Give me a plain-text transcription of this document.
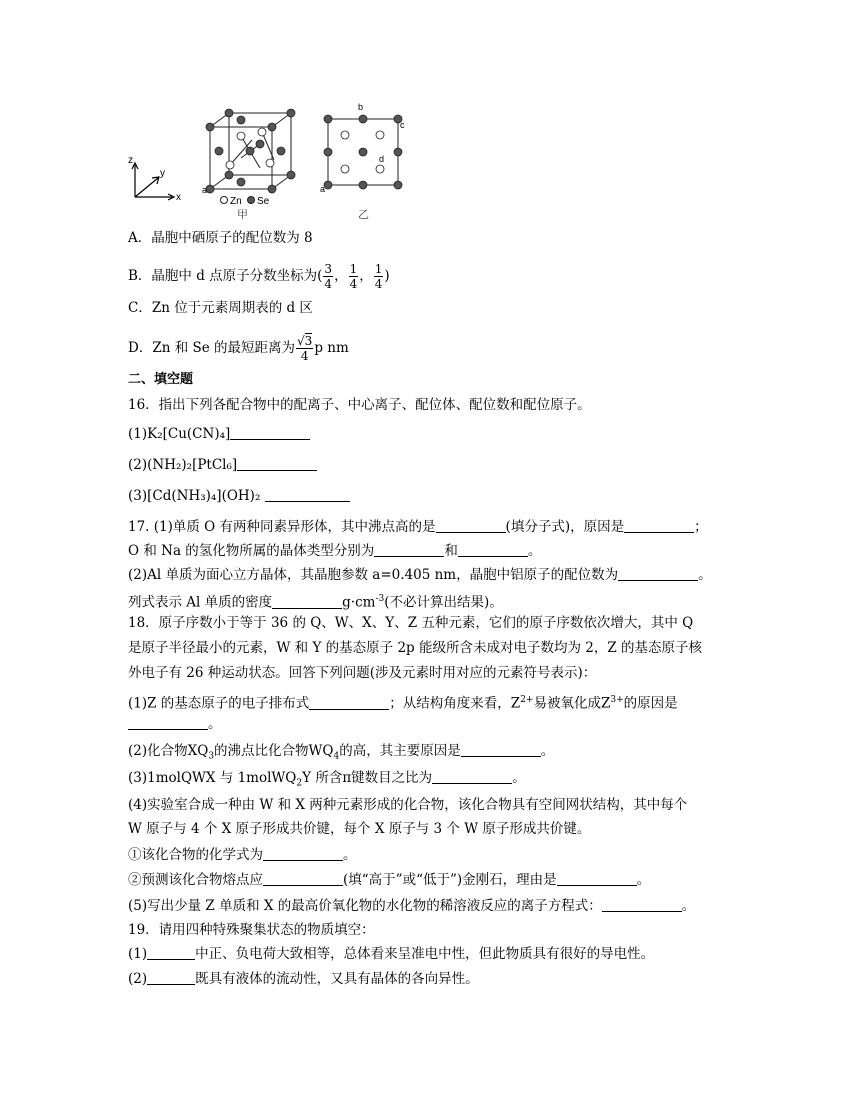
z
y
x
a
Zn Se
甲
b
c
d
a
乙
A．晶胞中硒原子的配位数为 8
B．晶胞中 d 点原子分数坐标为( $\frac{3}{4}$ ， $\frac{1}{4}$ ， $\frac{1}{4}$ )
C．Zn 位于元素周期表的 d 区
D．Zn 和 Se 的最短距离为 $\frac{√3}{4}$ p nm
二、填空题
16．指出下列各配合物中的配离子、中心离子、配位体、配位数和配位原子。
(1)K₂[Cu(CN)₄]
(2)(NH₂)₂[PtCl₆]
(3)[Cd(NH₃)₄](OH)₂
17. (1)单质 O 有两种同素异形体，其中沸点高的是	(填分子式)，原因是	；
O 和 Na 的氢化物所属的晶体类型分别为	和	。
(2)Al 单质为面心立方晶体，其晶胞参数 a=0.405 nm，晶胞中铝原子的配位数为	。
列式表示 Al 单质的密度	$g\cdot cm^{-3}$(不必计算出结果)。
18．原子序数小于等于 36 的 Q、W、X、Y、Z 五种元素，它们的原子序数依次增大，其中 Q
是原子半径最小的元素，W 和 Y 的基态原子 2p 能级所含未成对电子数均为 2，Z 的基态原子核
外电子有 26 种运动状态。回答下列问题(涉及元素时用对应的元素符号表示)：
(1)Z 的基态原子的电子排布式	；从结构角度来看，$Z^{2+}$易被氧化成$Z^{3+}$的原因是
。
(2)化合物$XQ_3$的沸点比化合物$WQ_4$的高，其主要原因是	。
(3)1molQWX 与 1molWQ$_2$Y 所含π键数目之比为	。
(4)实验室合成一种由 W 和 X 两种元素形成的化合物，该化合物具有空间网状结构，其中每个
W 原子与 4 个 X 原子形成共价键，每个 X 原子与 3 个 W 原子形成共价键。
①该化合物的化学式为	。
②预测该化合物熔点应	(填“高于”或“低于”)金刚石，理由是	。
(5)写出少量 Z 单质和 X 的最高价氧化物的水化物的稀溶液反应的离子方程式：	。
19．请用四种特殊聚集状态的物质填空：
(1)	中正、负电荷大致相等，总体看来呈准电中性，但此物质具有很好的导电性。
(2)	既具有液体的流动性，又具有晶体的各向异性。
